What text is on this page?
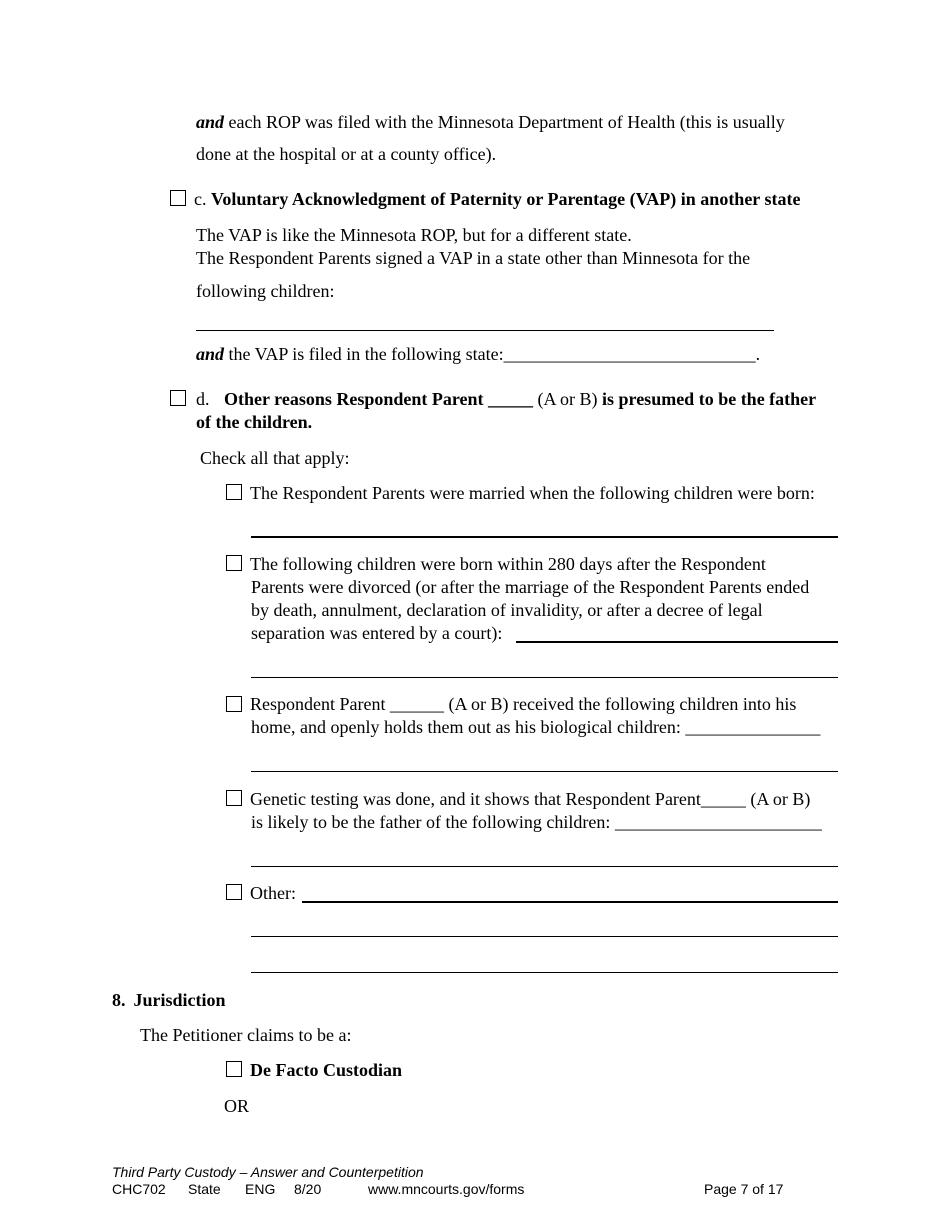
and each ROP was filed with the Minnesota Department of Health (this is usually
done at the hospital or at a county office).
c. Voluntary Acknowledgment of Paternity or Parentage (VAP) in another state
The VAP is like the Minnesota ROP, but for a different state.
The Respondent Parents signed a VAP in a state other than Minnesota for the
following children:
and the VAP is filed in the following state:____________________________.
d. Other reasons Respondent Parent _____ (A or B) is presumed to be the father
of the children.
Check all that apply:
The Respondent Parents were married when the following children were born:
The following children were born within 280 days after the Respondent
Parents were divorced (or after the marriage of the Respondent Parents ended
by death, annulment, declaration of invalidity, or after a decree of legal
separation was entered by a court):
Respondent Parent ______ (A or B) received the following children into his
home, and openly holds them out as his biological children: _______________
Genetic testing was done, and it shows that Respondent Parent_____ (A or B)
is likely to be the father of the following children: _______________________
Other:
8. Jurisdiction
The Petitioner claims to be a:
De Facto Custodian
OR
Third Party Custody – Answer and Counterpetition
CHC702 State ENG 8/20	www.mncourts.gov/forms	Page 7 of 17
